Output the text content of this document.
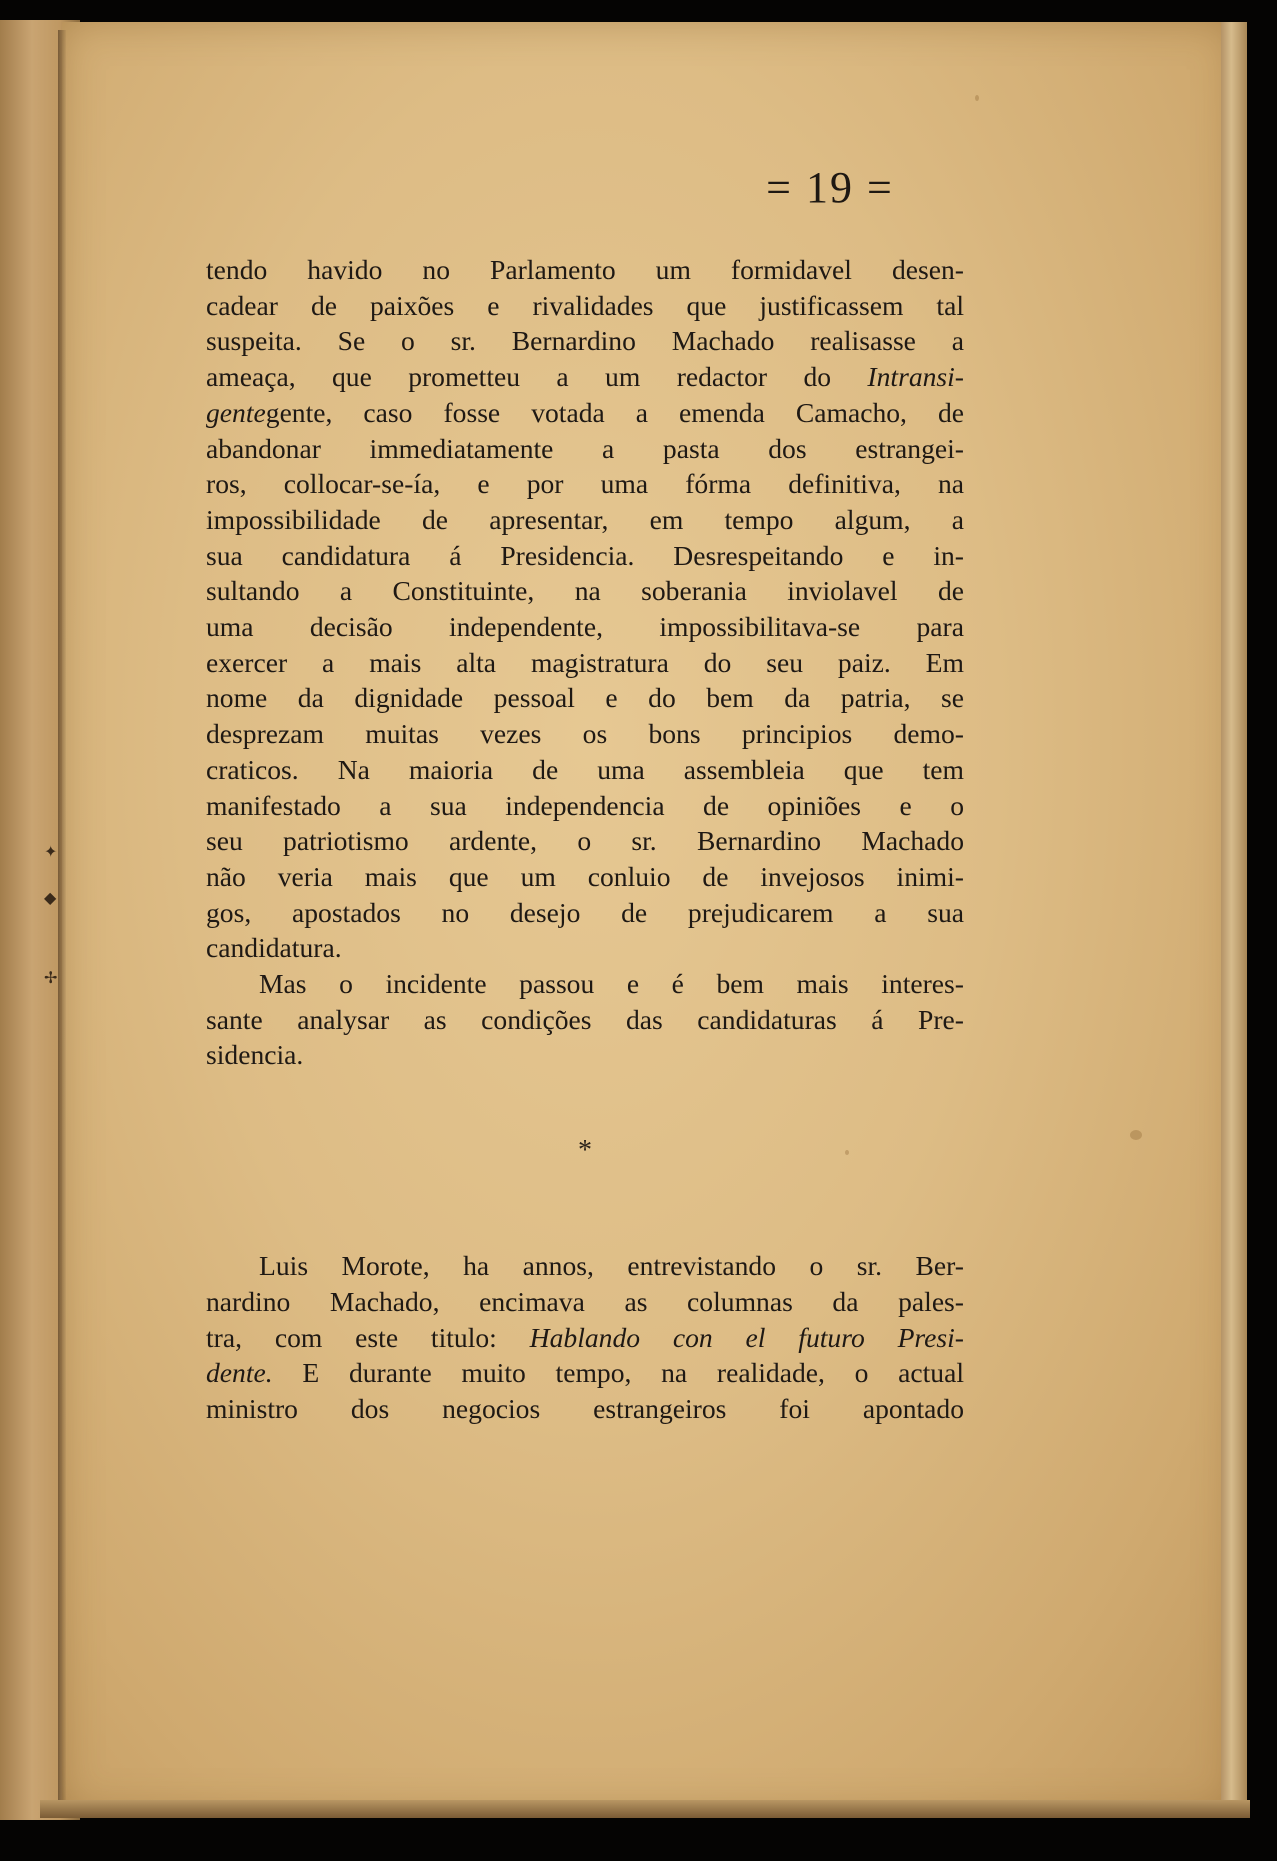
✦
◆
✢
= 19 =
tendo havido no Parlamento um formidavel desen-
cadear de paixões e rivalidades que justificassem tal
suspeita. Se o sr. Bernardino Machado realisasse a
ameaça, que prometteu a um redactor do Intransi-
gentegente, caso fosse votada a emenda Camacho, de
abandonar immediatamente a pasta dos estrangei-
ros, collocar-se-ía, e por uma fórma definitiva, na
impossibilidade de apresentar, em tempo algum, a
sua candidatura á Presidencia. Desrespeitando e in-
sultando a Constituinte, na soberania inviolavel de
uma decisão independente, impossibilitava-se para
exercer a mais alta magistratura do seu paiz. Em
nome da dignidade pessoal e do bem da patria, se
desprezam muitas vezes os bons principios demo-
craticos. Na maioria de uma assembleia que tem
manifestado a sua independencia de opiniões e o
seu patriotismo ardente, o sr. Bernardino Machado
não veria mais que um conluio de invejosos inimi-
gos, apostados no desejo de prejudicarem a sua
candidatura.
Mas o incidente passou e é bem mais interes-
sante analysar as condições das candidaturas á Pre-
sidencia.
*
Luis Morote, ha annos, entrevistando o sr. Ber-
nardino Machado, encimava as columnas da pales-
tra, com este titulo: Hablando con el futuro Presi-
dente. E durante muito tempo, na realidade, o actual
ministro dos negocios estrangeiros foi apontado
